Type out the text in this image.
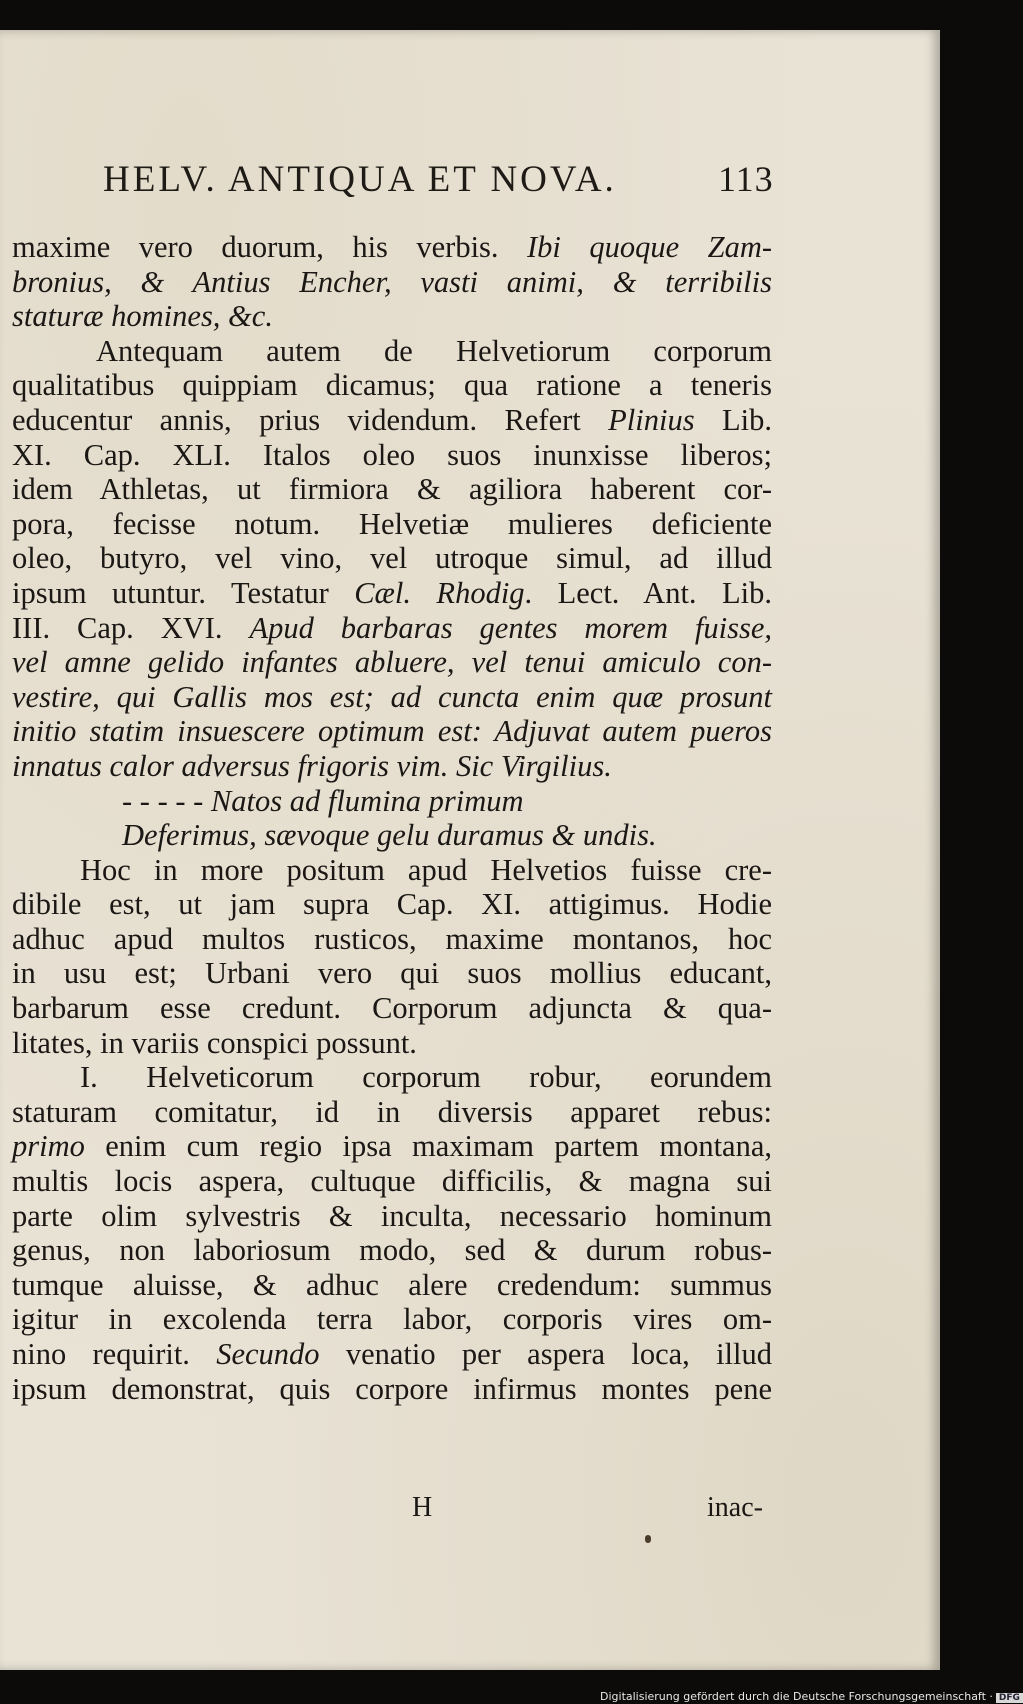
HELV. ANTIQUA ET NOVA.	113
maxime vero duorum, his verbis. Ibi quoque Zam-
bronius, & Antius Encher, vasti animi, & terribilis
staturæ homines, &c.
Antequam autem de Helvetiorum corporum
qualitatibus quippiam dicamus; qua ratione a teneris
educentur annis, prius videndum. Refert Plinius Lib.
XI. Cap. XLI. Italos oleo suos inunxisse liberos;
idem Athletas, ut firmiora & agiliora haberent cor-
pora, fecisse notum. Helvetiæ mulieres deficiente
oleo, butyro, vel vino, vel utroque simul, ad illud
ipsum utuntur. Testatur Cæl. Rhodig. Lect. Ant. Lib.
III. Cap. XVI. Apud barbaras gentes morem fuisse,
vel amne gelido infantes abluere, vel tenui amiculo con-
vestire, qui Gallis mos est; ad cuncta enim quæ prosunt
initio statim insuescere optimum est: Adjuvat autem pueros
innatus calor adversus frigoris vim. Sic Virgilius.
- - - - - Natos ad flumina primum
Deferimus, sævoque gelu duramus & undis.
Hoc in more positum apud Helvetios fuisse cre-
dibile est, ut jam supra Cap. XI. attigimus. Hodie
adhuc apud multos rusticos, maxime montanos, hoc
in usu est; Urbani vero qui suos mollius educant,
barbarum esse credunt. Corporum adjuncta & qua-
litates, in variis conspici possunt.
I. Helveticorum corporum robur, eorundem
staturam comitatur, id in diversis apparet rebus:
primo enim cum regio ipsa maximam partem montana,
multis locis aspera, cultuque difficilis, & magna sui
parte olim sylvestris & inculta, necessario hominum
genus, non laboriosum modo, sed & durum robus-
tumque aluisse, & adhuc alere credendum: summus
igitur in excolenda terra labor, corporis vires om-
nino requirit. Secundo venatio per aspera loca, illud
ipsum demonstrat, quis corpore infirmus montes pene
H	inac-
Digitalisierung gefördert durch die Deutsche Forschungsgemeinschaft · DFG
